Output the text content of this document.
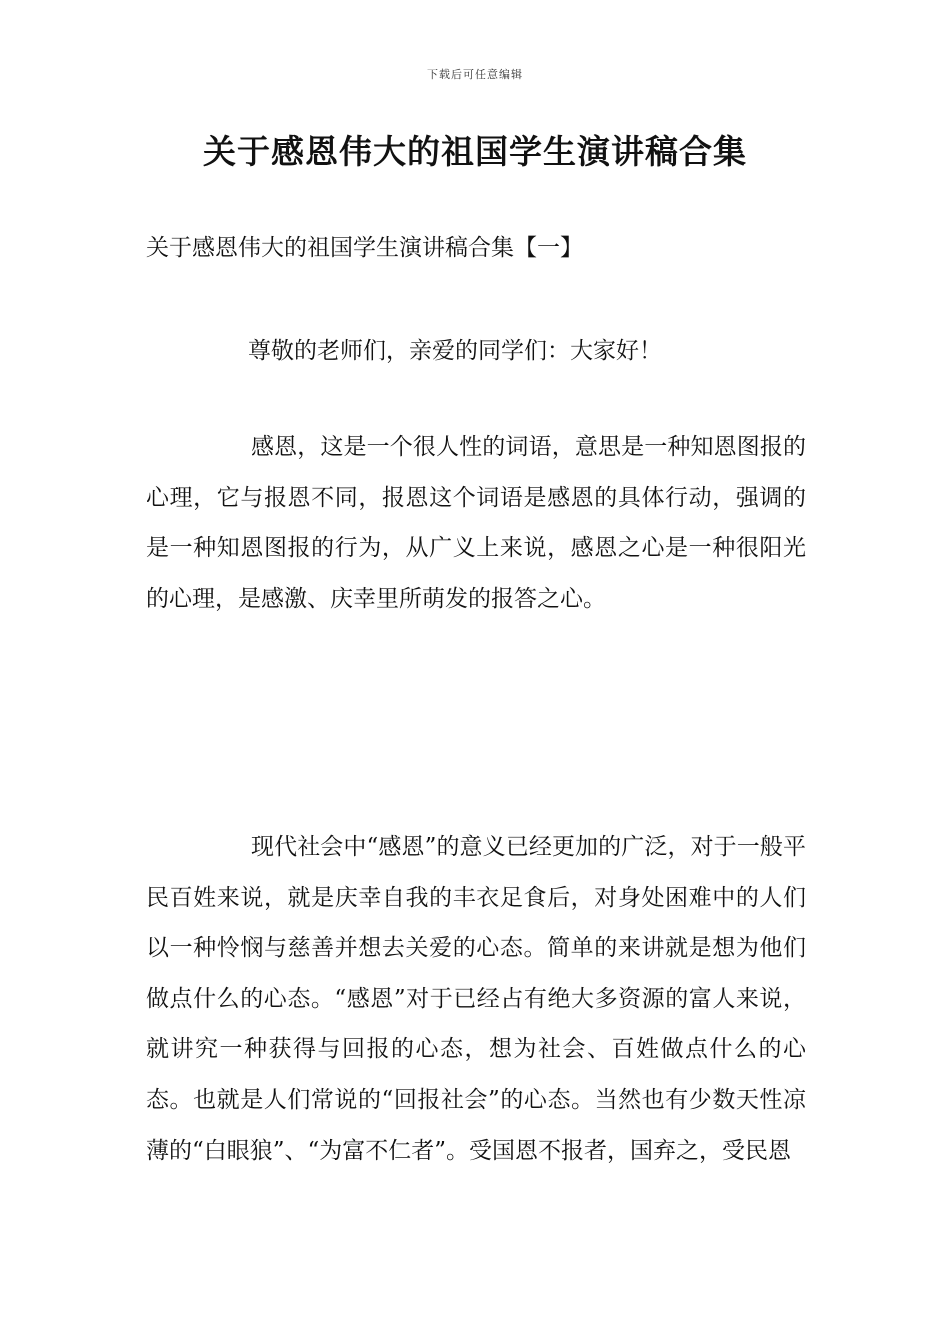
下载后可任意编辑
关于感恩伟大的祖国学生演讲稿合集
关于感恩伟大的祖国学生演讲稿合集【一】
尊敬的老师们，亲爱的同学们：大家好！
感恩，这是一个很人性的词语，意思是一种知恩图报的心理，它与报恩不同，报恩这个词语是感恩的具体行动，强调的是一种知恩图报的行为，从广义上来说，感恩之心是一种很阳光的心理，是感激、庆幸里所萌发的报答之心。
现代社会中“感恩”的意义已经更加的广泛，对于一般平民百姓来说，就是庆幸自我的丰衣足食后，对身处困难中的人们以一种怜悯与慈善并想去关爱的心态。简单的来讲就是想为他们做点什么的心态。“感恩”对于已经占有绝大多资源的富人来说，就讲究一种获得与回报的心态，想为社会、百姓做点什么的心态。也就是人们常说的“回报社会”的心态。当然也有少数天性凉薄的“白眼狼”、“为富不仁者”。受国恩不报者，国弃之，受民恩
